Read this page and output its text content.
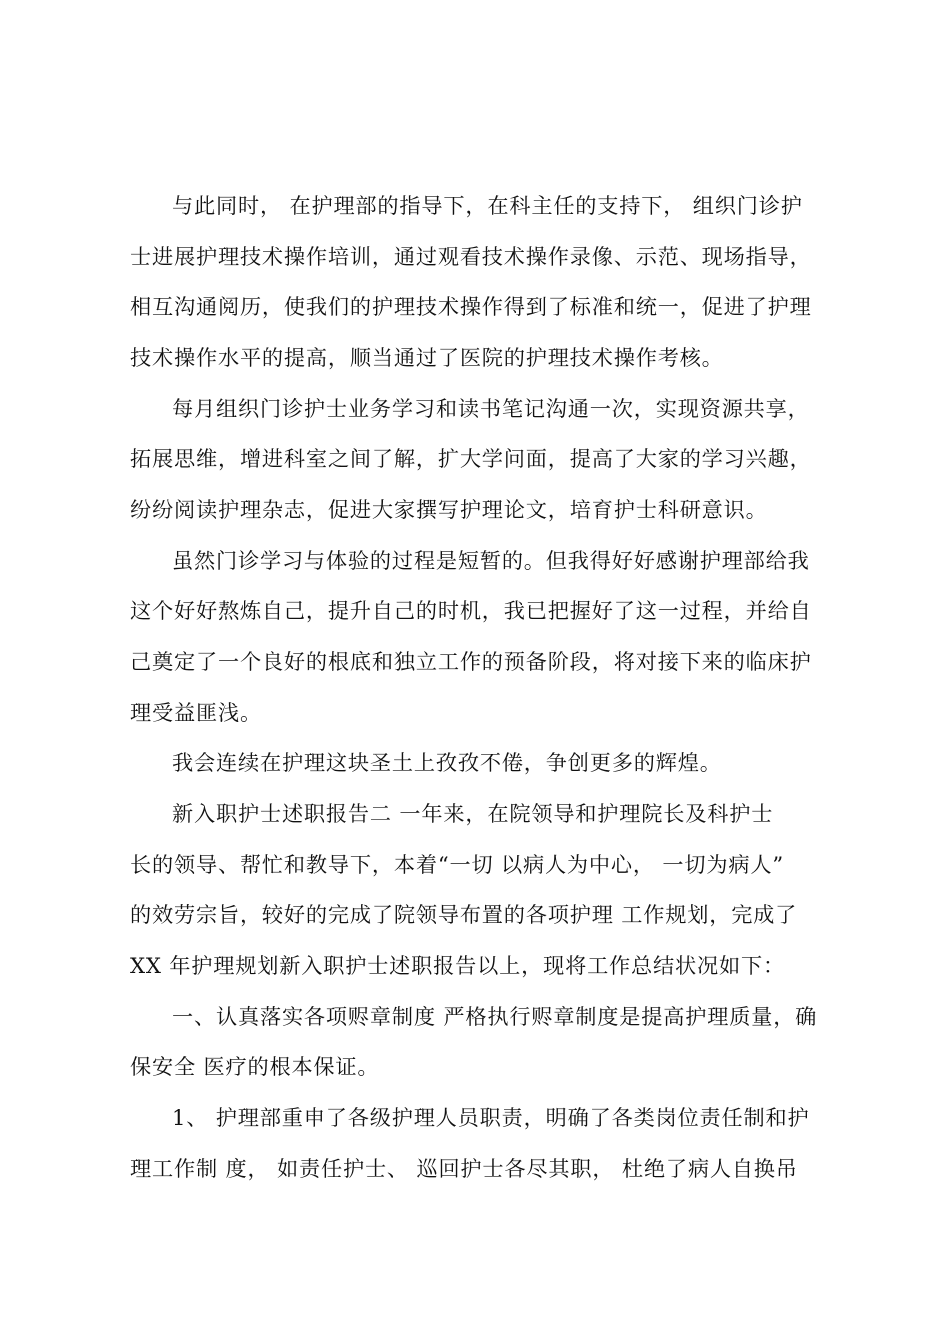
与此同时， 在护理部的指导下，在科主任的支持下， 组织门诊护
士进展护理技术操作培训，通过观看技术操作录像、示范、现场指导，
相互沟通阅历，使我们的护理技术操作得到了标准和统一，促进了护理
技术操作水平的提高，顺当通过了医院的护理技术操作考核。
每月组织门诊护士业务学习和读书笔记沟通一次，实现资源共享，
拓展思维，增进科室之间了解，扩大学问面，提高了大家的学习兴趣，
纷纷阅读护理杂志，促进大家撰写护理论文，培育护士科研意识。
虽然门诊学习与体验的过程是短暂的。但我得好好感谢护理部给我
这个好好熬炼自己，提升自己的时机，我已把握好了这一过程，并给自
己奠定了一个良好的根底和独立工作的预备阶段，将对接下来的临床护
理受益匪浅。
我会连续在护理这块圣土上孜孜不倦，争创更多的辉煌。
新入职护士述职报告二 一年来，在院领导和护理院长及科护士
长的领导、帮忙和教导下，本着“一切 以病人为中心， 一切为病人”
的效劳宗旨，较好的完成了院领导布置的各项护理 工作规划，完成了
XX 年护理规划新入职护士述职报告以上，现将工作总结状况如下：
一、认真落实各项赆章制度 严格执行赆章制度是提高护理质量，确
保安全 医疗的根本保证。
1、 护理部重申了各级护理人员职责，明确了各类岗位责任制和护
理工作制 度， 如责任护士、 巡回护士各尽其职， 杜绝了病人自换吊
